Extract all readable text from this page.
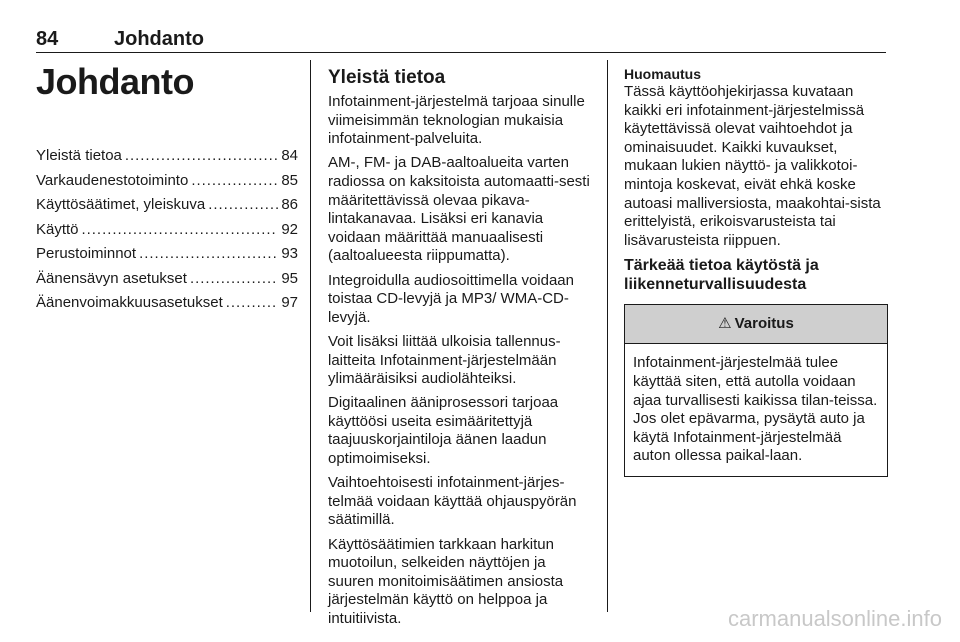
84	Johdanto
Johdanto
Yleistä tietoa . . .	84
Varkaudenestotoiminto . . .	85
Käyttösäätimet, yleiskuva . . .	86
Käyttö . . .	92
Perustoiminnot . . .	93
Äänensävyn asetukset . . .	95
Äänenvoimakkuusasetukset . . .	97
Yleistä tietoa

Infotainment-järjestelmä tarjoaa sinulle viimeisimmän teknologian mukaisia infotainment-palveluita.

AM-, FM- ja DAB-aaltoalueita varten radiossa on kaksitoista automaatti-sesti määritettävissä olevaa pikava-lintakanavaa. Lisäksi eri kanavia voidaan määrittää manuaalisesti (aaltoalueesta riippumatta).

Integroidulla audiosoittimella voidaan toistaa CD-levyjä ja MP3/ WMA-CD-levyjä.

Voit lisäksi liittää ulkoisia tallennus-laitteita Infotainment-järjestelmään ylimääräisiksi audiolähteiksi.

Digitaalinen ääniprosessori tarjoaa käyttöösi useita esimääritettyjä taajuuskorjaintiloja äänen laadun optimoimiseksi.

Vaihtoehtoisesti infotainment-järjes-telmää voidaan käyttää ohjauspyörän säätimillä.

Käyttösäätimien tarkkaan harkitun muotoilun, selkeiden näyttöjen ja suuren monitoimisäätimen ansiosta järjestelmän käyttö on helppoa ja intuitiivista.

Huomautus

Tässä käyttöohjekirjassa kuvataan kaikki eri infotainment-järjestelmissä käytettävissä olevat vaihtoehdot ja ominaisuudet. Kaikki kuvaukset, mukaan lukien näyttö- ja valikkotoi-mintoja koskevat, eivät ehkä koske autoasi malliversiosta, maakohtai-sista erittelyistä, erikoisvarusteista tai lisävarusteista riippuen.

Tärkeää tietoa käytöstä ja liikenneturvallisuudesta
⚠ Varoitus
Infotainment-järjestelmää tulee käyttää siten, että autolla voidaan ajaa turvallisesti kaikissa tilan-teissa. Jos olet epävarma, pysäytä auto ja käytä Infotainment-järjestelmää auton ollessa paikal-laan.
carmanualsonline.info
